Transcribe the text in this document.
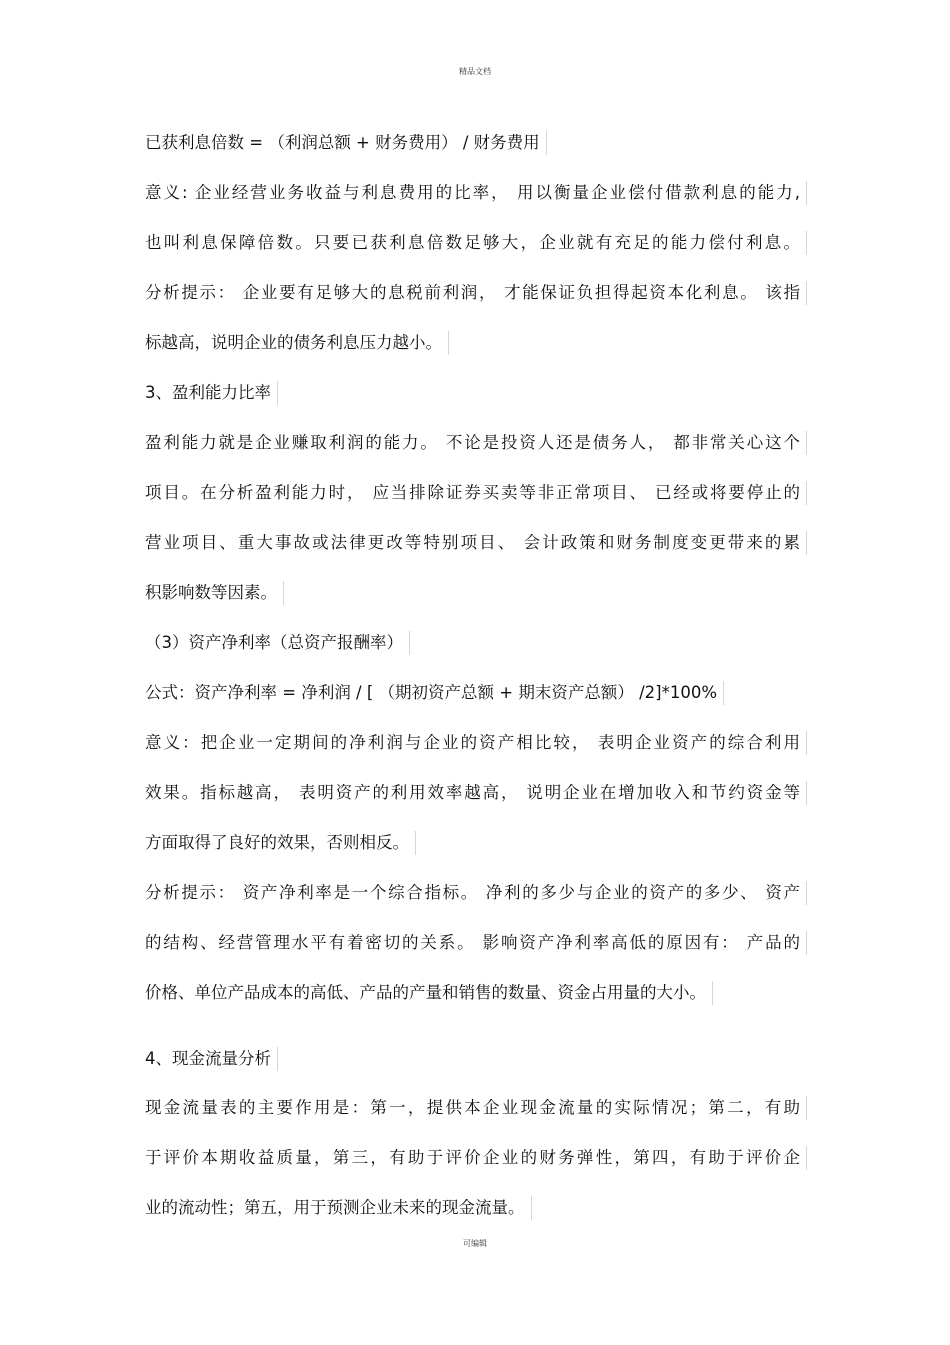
精品文档
已获利息倍数 = （利润总额 + 财务费用） / 财务费用
意义: 企业经营业务收益与利息费用的比率， 用以衡量企业偿付借款利息的能力,
也叫利息保障倍数。只要已获利息倍数足够大，企业就有充足的能力偿付利息。
分析提示： 企业要有足够大的息税前利润， 才能保证负担得起资本化利息。 该指
标越高，说明企业的债务利息压力越小。
3、盈利能力比率
盈利能力就是企业赚取利润的能力。 不论是投资人还是债务人， 都非常关心这个
项目。在分析盈利能力时， 应当排除证券买卖等非正常项目、 已经或将要停止的
营业项目、重大事故或法律更改等特别项目、 会计政策和财务制度变更带来的累
积影响数等因素。
（3）资产净利率（总资产报酬率）
公式：资产净利率 = 净利润 / [ （期初资产总额 + 期末资产总额） /2]*100%
意义：把企业一定期间的净利润与企业的资产相比较， 表明企业资产的综合利用
效果。指标越高， 表明资产的利用效率越高， 说明企业在增加收入和节约资金等
方面取得了良好的效果，否则相反。
分析提示： 资产净利率是一个综合指标。 净利的多少与企业的资产的多少、 资产
的结构、经营管理水平有着密切的关系。 影响资产净利率高低的原因有： 产品的
价格、单位产品成本的高低、产品的产量和销售的数量、资金占用量的大小。
4、现金流量分析
现金流量表的主要作用是：第一，提供本企业现金流量的实际情况；第二，有助
于评价本期收益质量，第三，有助于评价企业的财务弹性，第四，有助于评价企
业的流动性；第五，用于预测企业未来的现金流量。
可编辑
